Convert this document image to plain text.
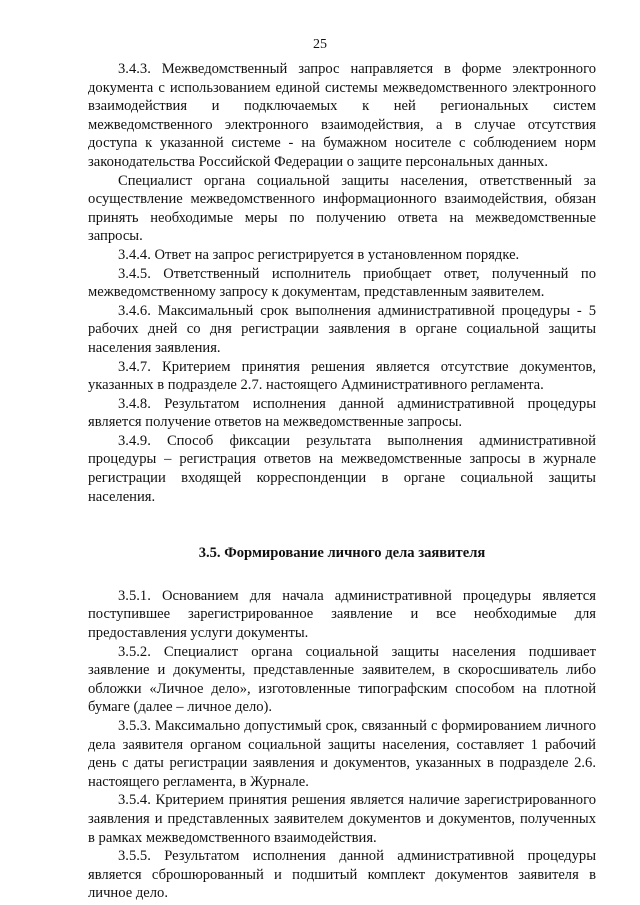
25

3.4.3. Межведомственный запрос направляется в форме электронного документа с использованием единой системы межведомственного электронного взаимодействия и подключаемых к ней региональных систем межведомственного электронного взаимодействия, а в случае отсутствия доступа к указанной системе - на бумажном носителе с соблюдением норм законодательства Российской Федерации о защите персональных данных.

Специалист органа социальной защиты населения, ответственный за осуществление межведомственного информационного взаимодействия, обязан принять необходимые меры по получению ответа на межведомственные запросы.

3.4.4. Ответ на запрос регистрируется в установленном порядке.

3.4.5. Ответственный исполнитель приобщает ответ, полученный по межведомственному запросу к документам, представленным заявителем.

3.4.6. Максимальный срок выполнения административной процедуры - 5 рабочих дней со дня регистрации заявления в органе социальной защиты населения заявления.

3.4.7. Критерием принятия решения является отсутствие документов, указанных в подразделе 2.7. настоящего Административного регламента.

3.4.8. Результатом исполнения данной административной процедуры является получение ответов на межведомственные запросы.

3.4.9. Способ фиксации результата выполнения административной процедуры – регистрация ответов на межведомственные запросы в журнале регистрации входящей корреспонденции в органе социальной защиты населения.

3.5. Формирование личного дела заявителя

3.5.1. Основанием для начала административной процедуры является поступившее зарегистрированное заявление и все необходимые для предоставления услуги документы.

3.5.2. Специалист органа социальной защиты населения подшивает заявление и документы, представленные заявителем, в скоросшиватель либо обложки «Личное дело», изготовленные типографским способом на плотной бумаге (далее – личное дело).

3.5.3. Максимально допустимый срок, связанный с формированием личного дела заявителя органом социальной защиты населения, составляет 1 рабочий день с даты регистрации заявления и документов, указанных в подразделе 2.6. настоящего регламента, в Журнале.

3.5.4. Критерием принятия решения является наличие зарегистрированного заявления и представленных заявителем документов и документов, полученных в рамках межведомственного взаимодействия.

3.5.5. Результатом исполнения данной административной процедуры является сброшюрованный и подшитый комплект документов заявителя в личное дело.
